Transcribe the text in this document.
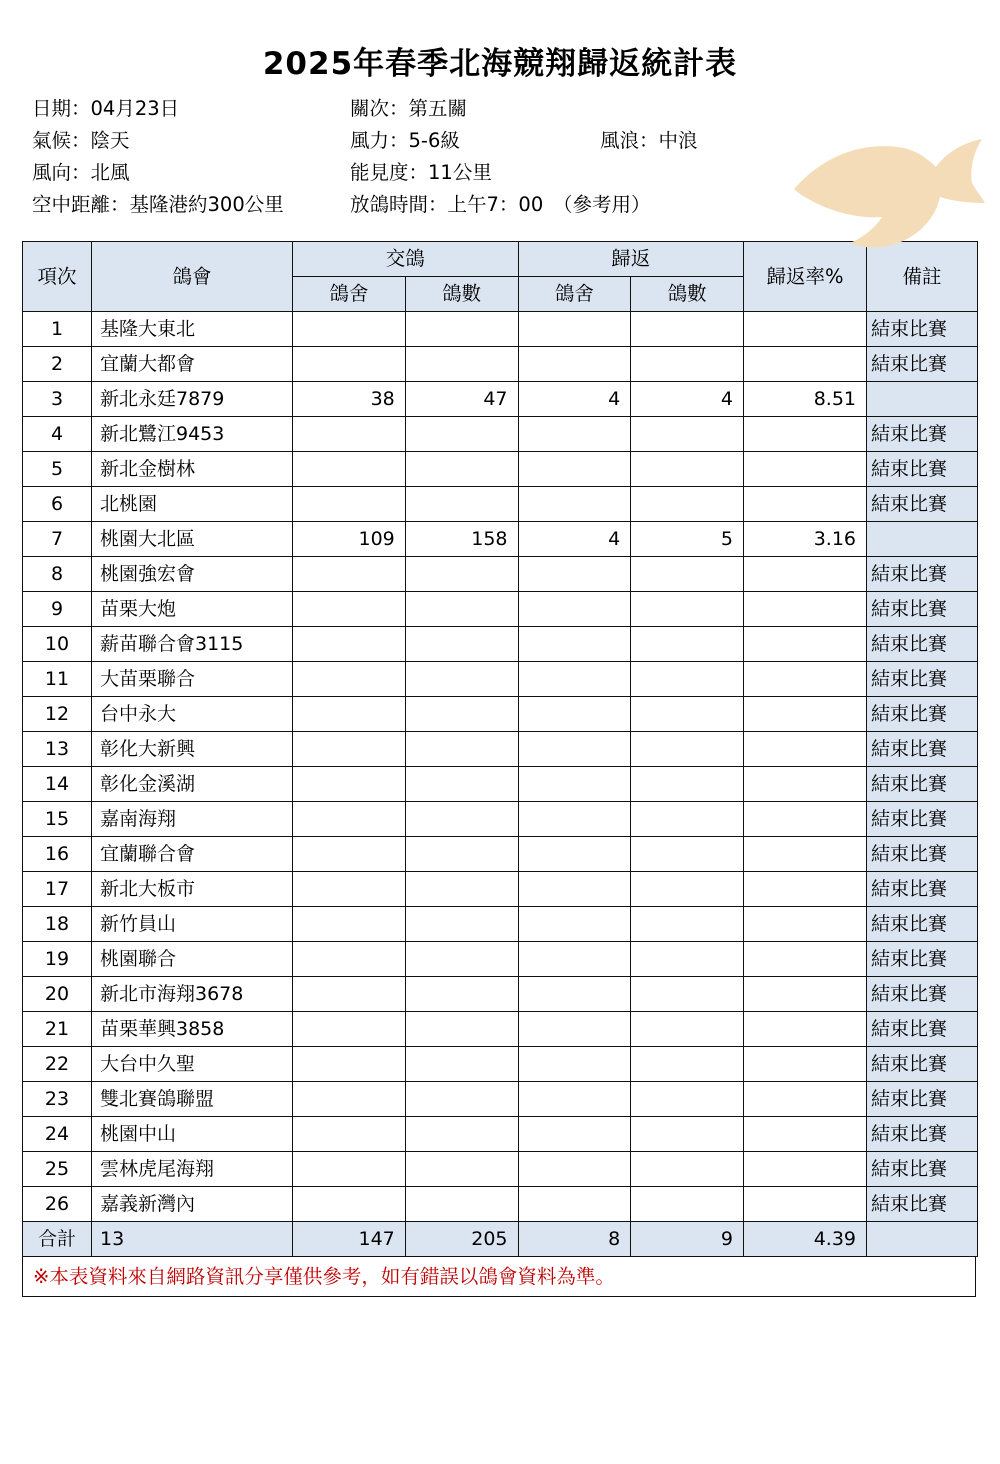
2025年春季北海競翔歸返統計表
日期：04月23日	關次：第五關
氣候：陰天	風力：5-6級	風浪：中浪
風向：北風	能見度：11公里
空中距離：基隆港約300公里	放鴿時間：上午7：00　（參考用）
項次	鴿會	交鴿		歸返		歸返率%	備註
		鴿舍	鴿數	鴿舍	鴿數		
1	基隆大東北						結束比賽
2	宜蘭大都會						結束比賽
3	新北永廷7879	38	47	4	4	8.51	
4	新北鷺江9453						結束比賽
5	新北金樹林						結束比賽
6	北桃園						結束比賽
7	桃園大北區	109	158	4	5	3.16	
8	桃園強宏會						結束比賽
9	苗栗大炮						結束比賽
10	薪苗聯合會3115						結束比賽
11	大苗栗聯合						結束比賽
12	台中永大						結束比賽
13	彰化大新興						結束比賽
14	彰化金溪湖						結束比賽
15	嘉南海翔						結束比賽
16	宜蘭聯合會						結束比賽
17	新北大板市						結束比賽
18	新竹員山						結束比賽
19	桃園聯合						結束比賽
20	新北市海翔3678						結束比賽
21	苗栗華興3858						結束比賽
22	大台中久聖						結束比賽
23	雙北賽鴿聯盟						結束比賽
24	桃園中山						結束比賽
25	雲林虎尾海翔						結束比賽
26	嘉義新灣內						結束比賽
合計	13	147	205	8	9	4.39	
※本表資料來自網路資訊分享僅供參考，如有錯誤以鴿會資料為準。
